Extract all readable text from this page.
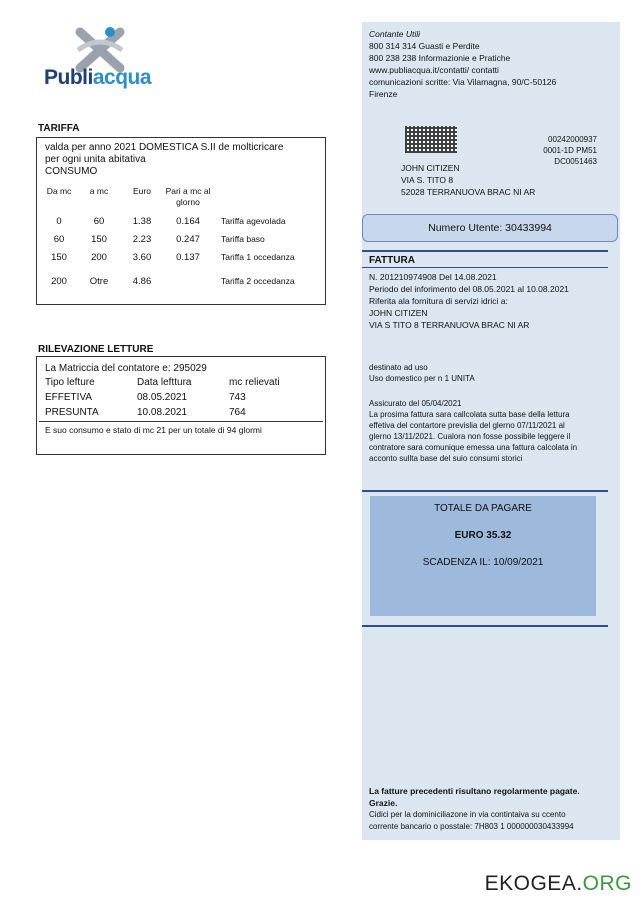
Publiacqua
TARIFFA
valda per anno 2021 DOMESTICA S.II de molticricare
per ogni unita abitativa
CONSUMO
Da mc	a mc	Euro	Pari a mc al glorno	
0	60	1.38	0.164	Tariffa agevolada
60	150	2.23	0.247	Tariffa baso
150	200	3.60	0.137	Tariffa 1 occedanza
200	Otre	4.86		Tariffa 2 occedanza
RILEVAZIONE LETTURE
La Matriccia del contatore e: 295029
Tipo lefture	Data lefttura	mc relievati
EFFETIVA	08.05.2021	743
PRESUNTA	10.08.2021	764
E suo consumo e stato di mc 21 per un totale di 94 glormi
Contante Utili
800 314 314 Guasti e Perdite
800 238 238 Informazionie e Pratiche
www.publiacqua.it/contatti/ contatti
comunicazioni scritte: Via Vilamagna, 90/C-50126
Firenze
00242000937
0001-1D PM51
DC0051463
JOHN CITIZEN
VIA S. TITO 8
52028 TERRANUOVA BRAC NI AR
Numero Utente: 30433994
FATTURA
N. 201210974908 Del 14.08.2021
Periodo del inforimento del 08.05.2021 al 10.08.2021
Riferita ala fornitura di servizi idrici a:
JOHN CITIZEN
VIA S TITO 8 TERRANUOVA BRAC NI AR
destinato ad uso
Uso domestico per n 1 UNITA
Assicurato del 05/04/2021
La prosima fattura sara callcolata sutta base della lettura
effetiva del contartore previslia del glerno 07/11/2021 al
glerno 13/11/2021. Cualora non fosse possibile leggere il
contratore sara comunique emessa una fattura calcolata in
acconto sullta base del suio consumi storici
TOTALE DA PAGARE
EURO 35.32
SCADENZA IL: 10/09/2021
La fatture precedenti risultano regolarmente pagate.
Grazie.
Cidici per la dominiciliazone in via contintaiva su ccento
corrente bancario o posstale: 7H803 1 000000030433994
EKOGEA.ORG
